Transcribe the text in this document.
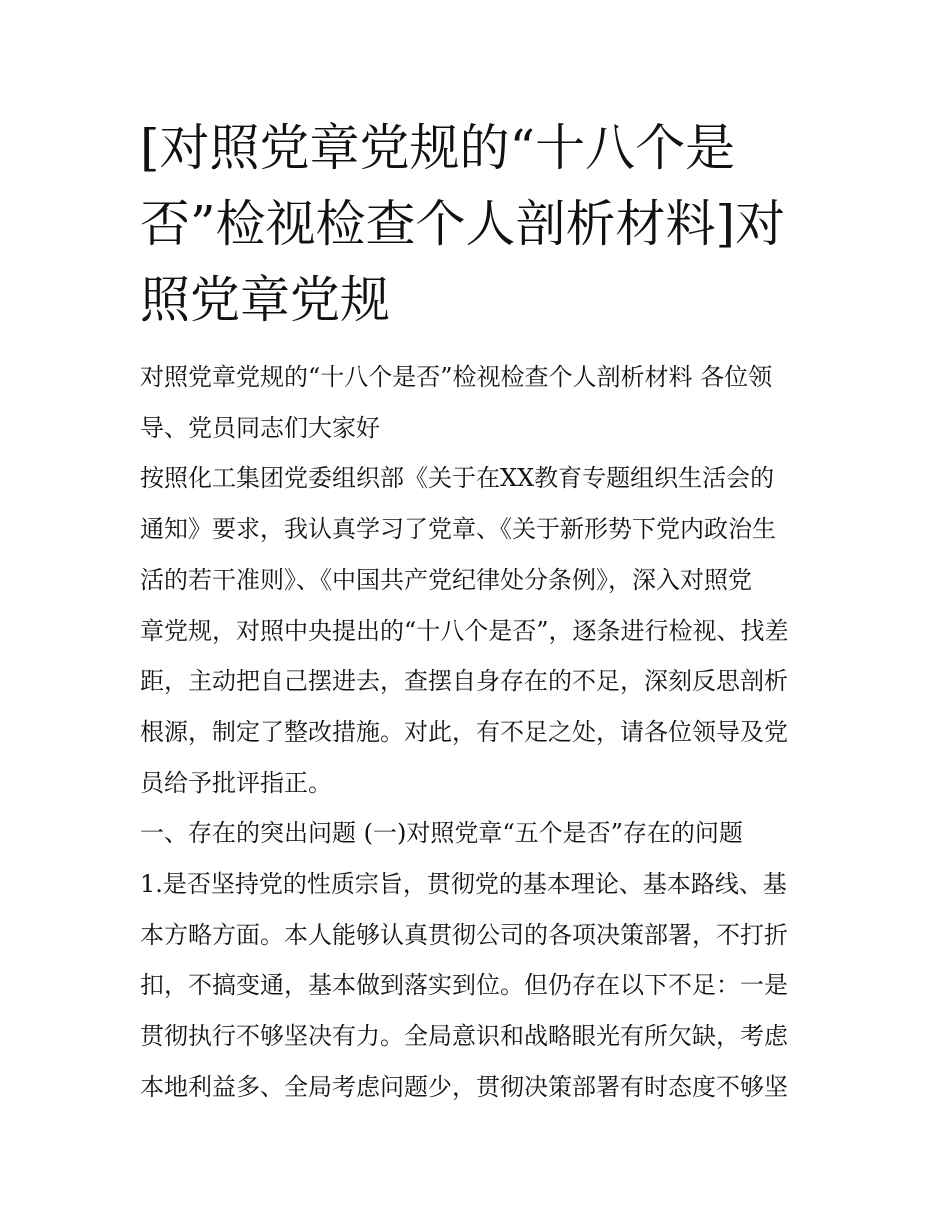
[对照党章党规的“十八个是
否”检视检查个人剖析材料]对
照党章党规
对照党章党规的“十八个是否”检视检查个人剖析材料 各位领
导、党员同志们大家好
按照化工集团党委组织部《关于在XX教育专题组织生活会的
通知》要求，我认真学习了党章、《关于新形势下党内政治生
活的若干准则》、《中国共产党纪律处分条例》，深入对照党
章党规，对照中央提出的“十八个是否”，逐条进行检视、找差
距，主动把自己摆进去，查摆自身存在的不足，深刻反思剖析
根源，制定了整改措施。对此，有不足之处，请各位领导及党
员给予批评指正。
一、存在的突出问题 (一)对照党章“五个是否”存在的问题
1.是否坚持党的性质宗旨，贯彻党的基本理论、基本路线、基
本方略方面。本人能够认真贯彻公司的各项决策部署，不打折
扣，不搞变通，基本做到落实到位。但仍存在以下不足：一是
贯彻执行不够坚决有力。全局意识和战略眼光有所欠缺，考虑
本地利益多、全局考虑问题少，贯彻决策部署有时态度不够坚
